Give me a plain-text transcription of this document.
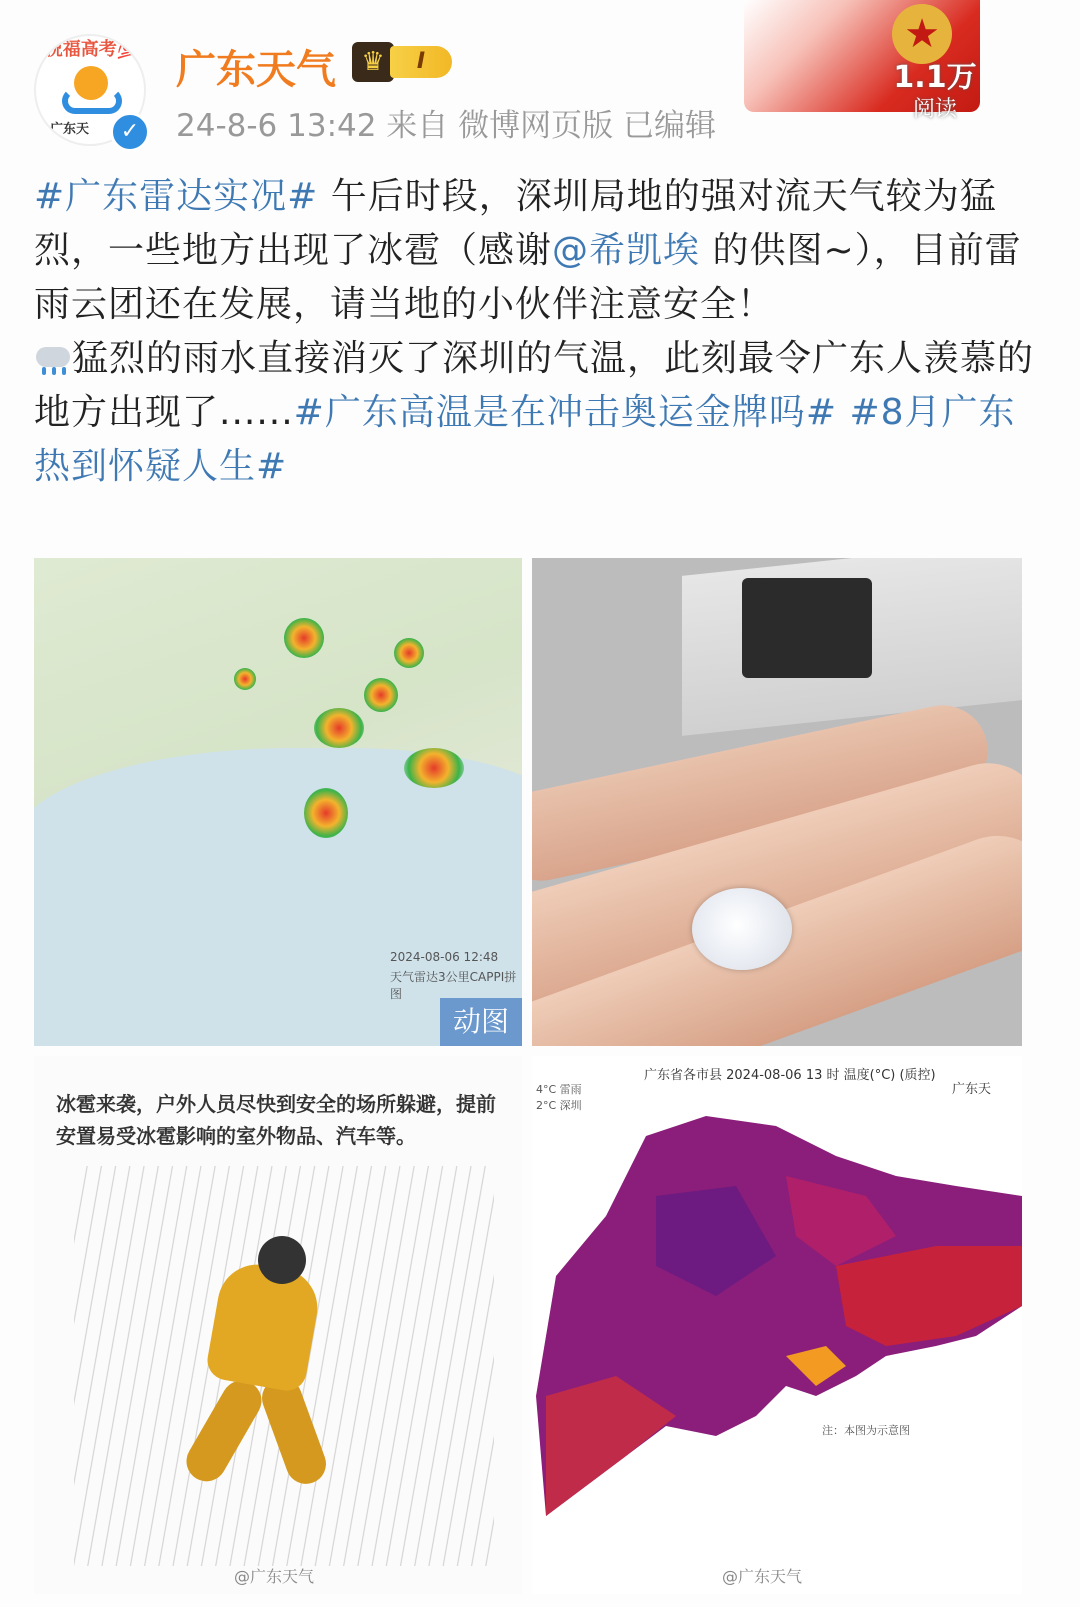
祝福高考💯
广东天	✓
广东天气 ♛	I
24-8-6 13:42 来自 微博网页版 已编辑
★
1.1万
阅读

#广东雷达实况# 午后时段，深圳局地的强对流天气较为猛烈，一些地方出现了冰雹（感谢@希凯埃 的供图~），目前雷雨云团还在发展，请当地的小伙伴注意安全！

猛烈的雨水直接消灭了深圳的气温，此刻最令广东人羡慕的地方出现了......#广东高温是在冲击奥运金牌吗# #8月广东热到怀疑人生#

2024-08-06 12:48
天气雷达3公里CAPPI拼图
动图
冰雹来袭，户外人员尽快到安全的场所躲避，提前安置易受冰雹影响的室外物品、汽车等。
@广东天气
广东省各市县 2024-08-06 13 时 温度(°C) (质控)
4°C 雷雨
2°C 深圳
广东天
注：本图为示意图
@广东天气
